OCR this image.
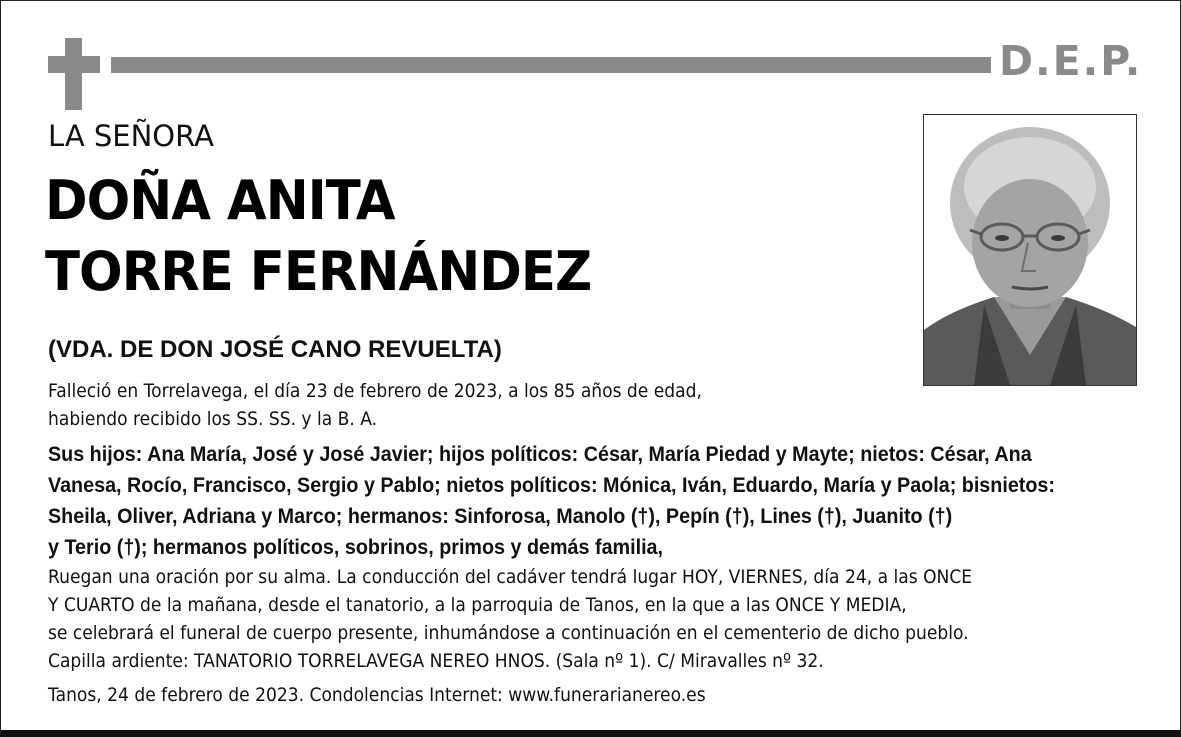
D.E.P.
LA SEÑORA
DOÑA ANITA
TORRE FERNÁNDEZ
(VDA. DE DON JOSÉ CANO REVUELTA)
Falleció en Torrelavega, el día 23 de febrero de 2023, a los 85 años de edad,
habiendo recibido los SS. SS. y la B. A.
Sus hijos: Ana María, José y José Javier; hijos políticos: César, María Piedad y Mayte; nietos: César, Ana
Vanesa, Rocío, Francisco, Sergio y Pablo; nietos políticos: Mónica, Iván, Eduardo, María y Paola; bisnietos:
Sheila, Oliver, Adriana y Marco; hermanos: Sinforosa, Manolo (†), Pepín (†), Lines (†), Juanito (†)
y Terio (†); hermanos políticos, sobrinos, primos y demás familia,
Ruegan una oración por su alma. La conducción del cadáver tendrá lugar HOY, VIERNES, día 24, a las ONCE
Y CUARTO de la mañana, desde el tanatorio, a la parroquia de Tanos, en la que a las ONCE Y MEDIA,
se celebrará el funeral de cuerpo presente, inhumándose a continuación en el cementerio de dicho pueblo.
Capilla ardiente: TANATORIO TORRELAVEGA NEREO HNOS. (Sala nº 1). C/ Miravalles nº 32.
Tanos, 24 de febrero de 2023. Condolencias Internet: www.funerarianereo.es
